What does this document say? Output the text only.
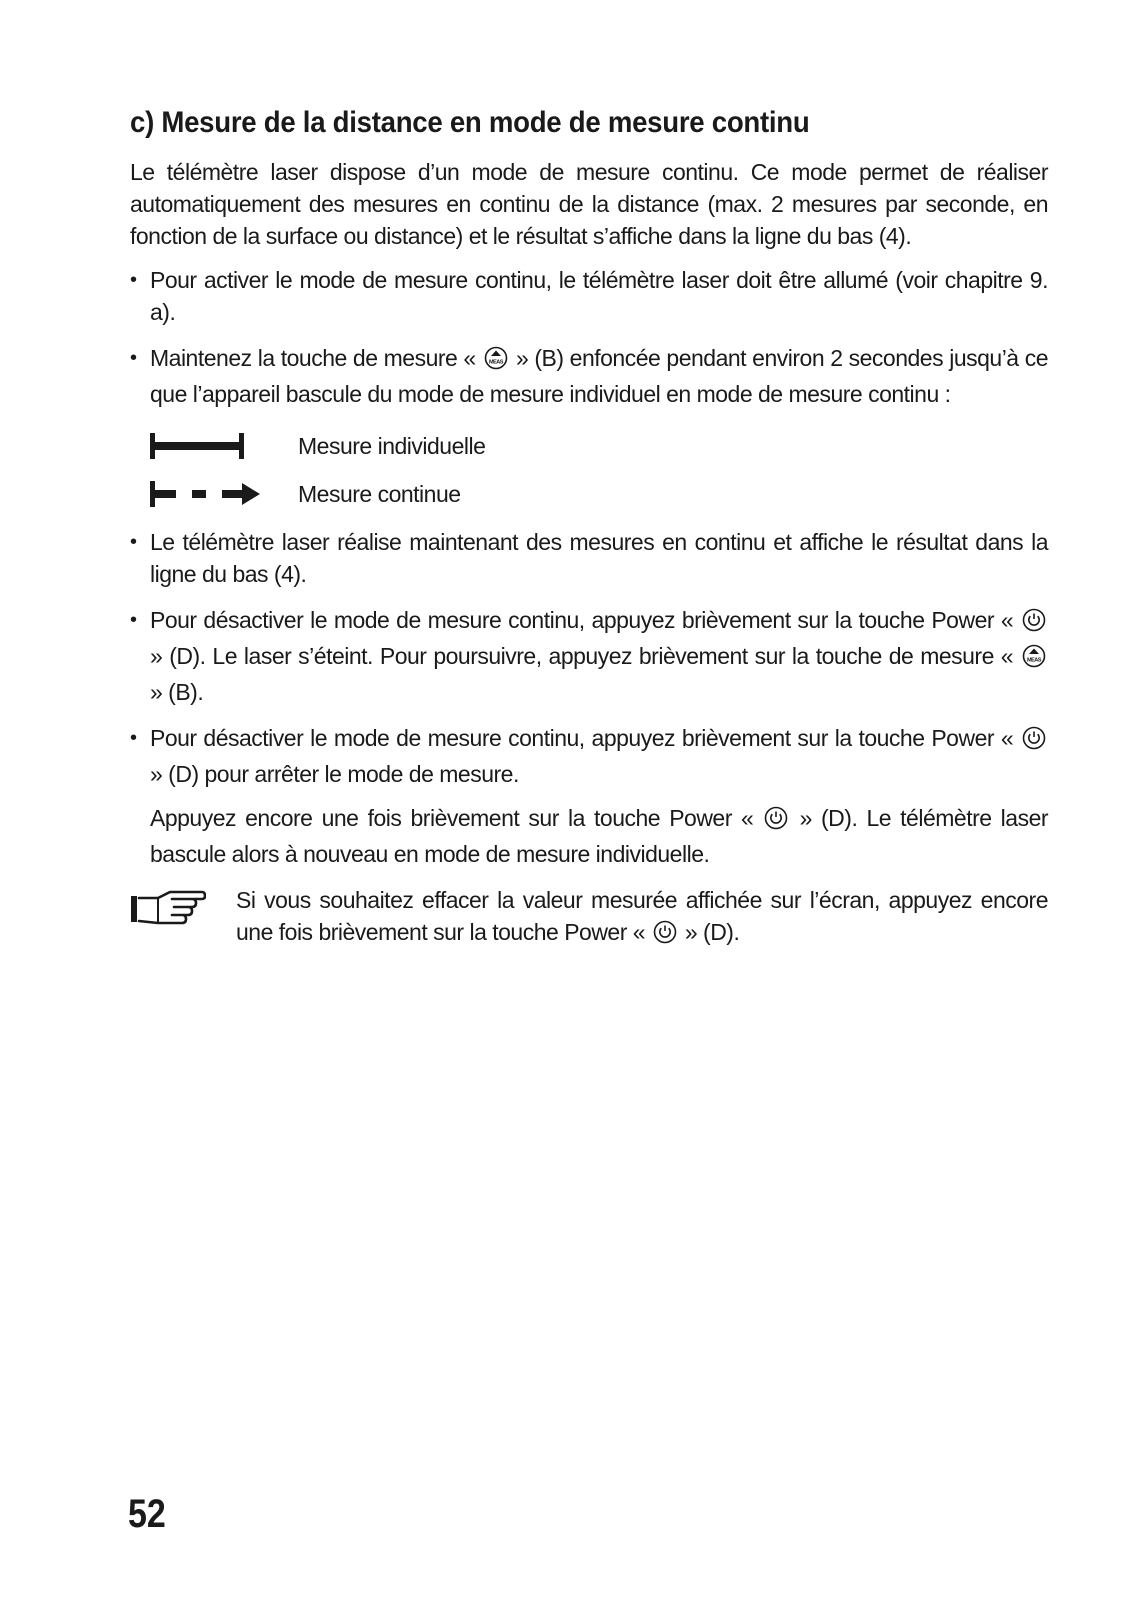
c) Mesure de la distance en mode de mesure continu

Le télémètre laser dispose d’un mode de mesure continu. Ce mode permet de réaliser automatiquement des mesures en continu de la distance (max. 2 mesures par seconde, en fonction de la surface ou distance) et le résultat s’affiche dans la ligne du bas (4).

• Pour activer le mode de mesure continu, le télémètre laser doit être allumé (voir chapitre 9. a).
• Maintenez la touche de mesure « MEAS » (B) enfoncée pendant environ 2 secondes jusqu’à ce que l’appareil bascule du mode de mesure individuel en mode de mesure continu :
Mesure individuelle
Mesure continue
• Le télémètre laser réalise maintenant des mesures en continu et affiche le résultat dans la ligne du bas (4).
• Pour désactiver le mode de mesure continu, appuyez brièvement sur la touche Power «  » (D). Le laser s’éteint. Pour poursuivre, appuyez brièvement sur la touche de mesure «	MEAS
» (B).
• Pour désactiver le mode de mesure continu, appuyez brièvement sur la touche Power «  » (D) pour arrêter le mode de mesure.

Appuyez encore une fois brièvement sur la touche Power « » (D). Le télémètre laser bascule alors à nouveau en mode de mesure individuelle.

Si vous souhaitez effacer la valeur mesurée affichée sur l’écran, appuyez encore une fois brièvement sur la touche Power « » (D).

52
